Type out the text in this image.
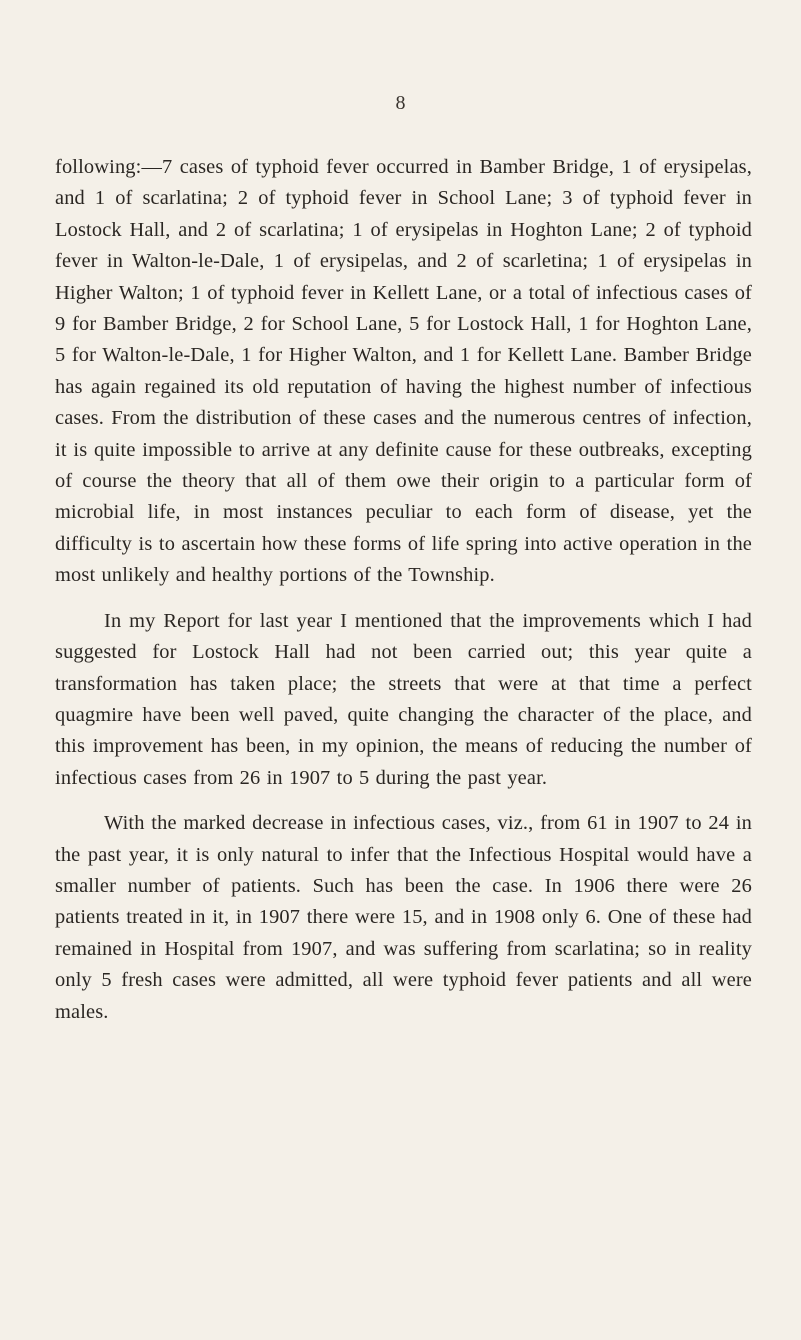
8

following:—7 cases of typhoid fever occurred in Bamber Bridge, 1 of erysipelas, and 1 of scarlatina; 2 of typhoid fever in School Lane; 3 of typhoid fever in Lostock Hall, and 2 of scarlatina; 1 of erysipelas in Hoghton Lane; 2 of typhoid fever in Walton-le-Dale, 1 of erysipelas, and 2 of scarletina; 1 of erysipelas in Higher Walton; 1 of typhoid fever in Kellett Lane, or a total of infectious cases of 9 for Bamber Bridge, 2 for School Lane, 5 for Lostock Hall, 1 for Hoghton Lane, 5 for Walton-le-Dale, 1 for Higher Walton, and 1 for Kellett Lane. Bamber Bridge has again regained its old reputation of having the highest number of infectious cases. From the distribution of these cases and the numerous centres of infection, it is quite impossible to arrive at any definite cause for these outbreaks, excepting of course the theory that all of them owe their origin to a particular form of microbial life, in most instances peculiar to each form of disease, yet the difficulty is to ascertain how these forms of life spring into active operation in the most unlikely and healthy portions of the Township.

In my Report for last year I mentioned that the improvements which I had suggested for Lostock Hall had not been carried out; this year quite a transformation has taken place; the streets that were at that time a perfect quagmire have been well paved, quite changing the character of the place, and this improvement has been, in my opinion, the means of reducing the number of infectious cases from 26 in 1907 to 5 during the past year.

With the marked decrease in infectious cases, viz., from 61 in 1907 to 24 in the past year, it is only natural to infer that the Infectious Hospital would have a smaller number of patients. Such has been the case. In 1906 there were 26 patients treated in it, in 1907 there were 15, and in 1908 only 6. One of these had remained in Hospital from 1907, and was suffering from scarlatina; so in reality only 5 fresh cases were admitted, all were typhoid fever patients and all were males.
